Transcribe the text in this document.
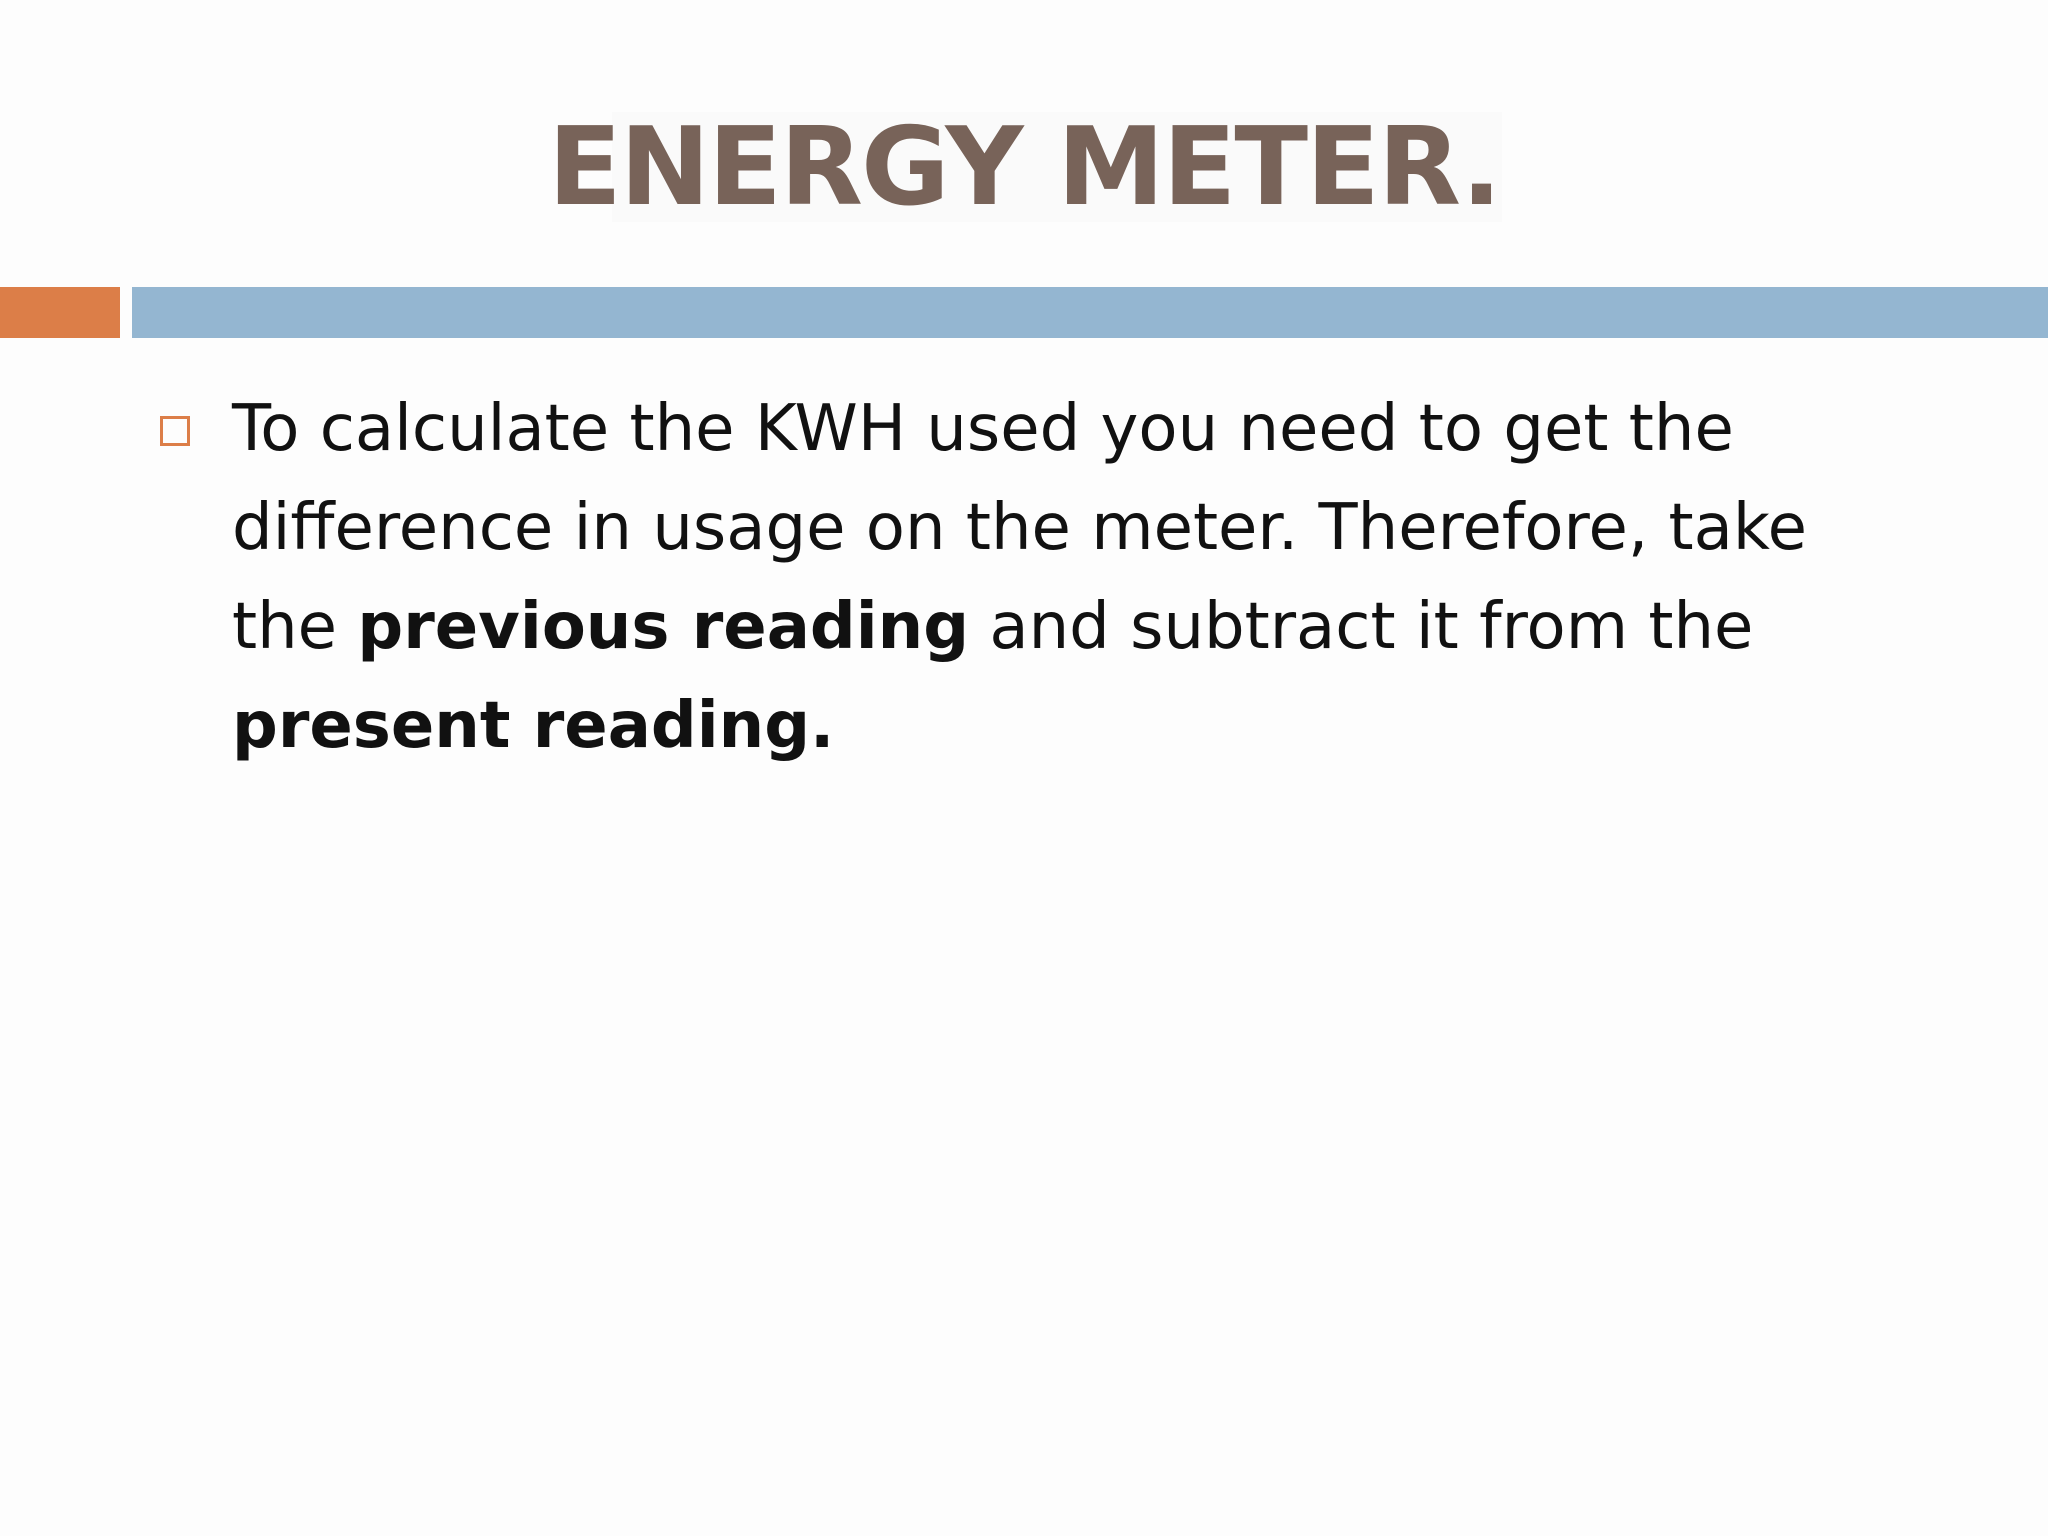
ENERGY METER.
To calculate the KWH used you need to get the difference in usage on the meter. Therefore, take the previous reading and subtract it from the present reading.
